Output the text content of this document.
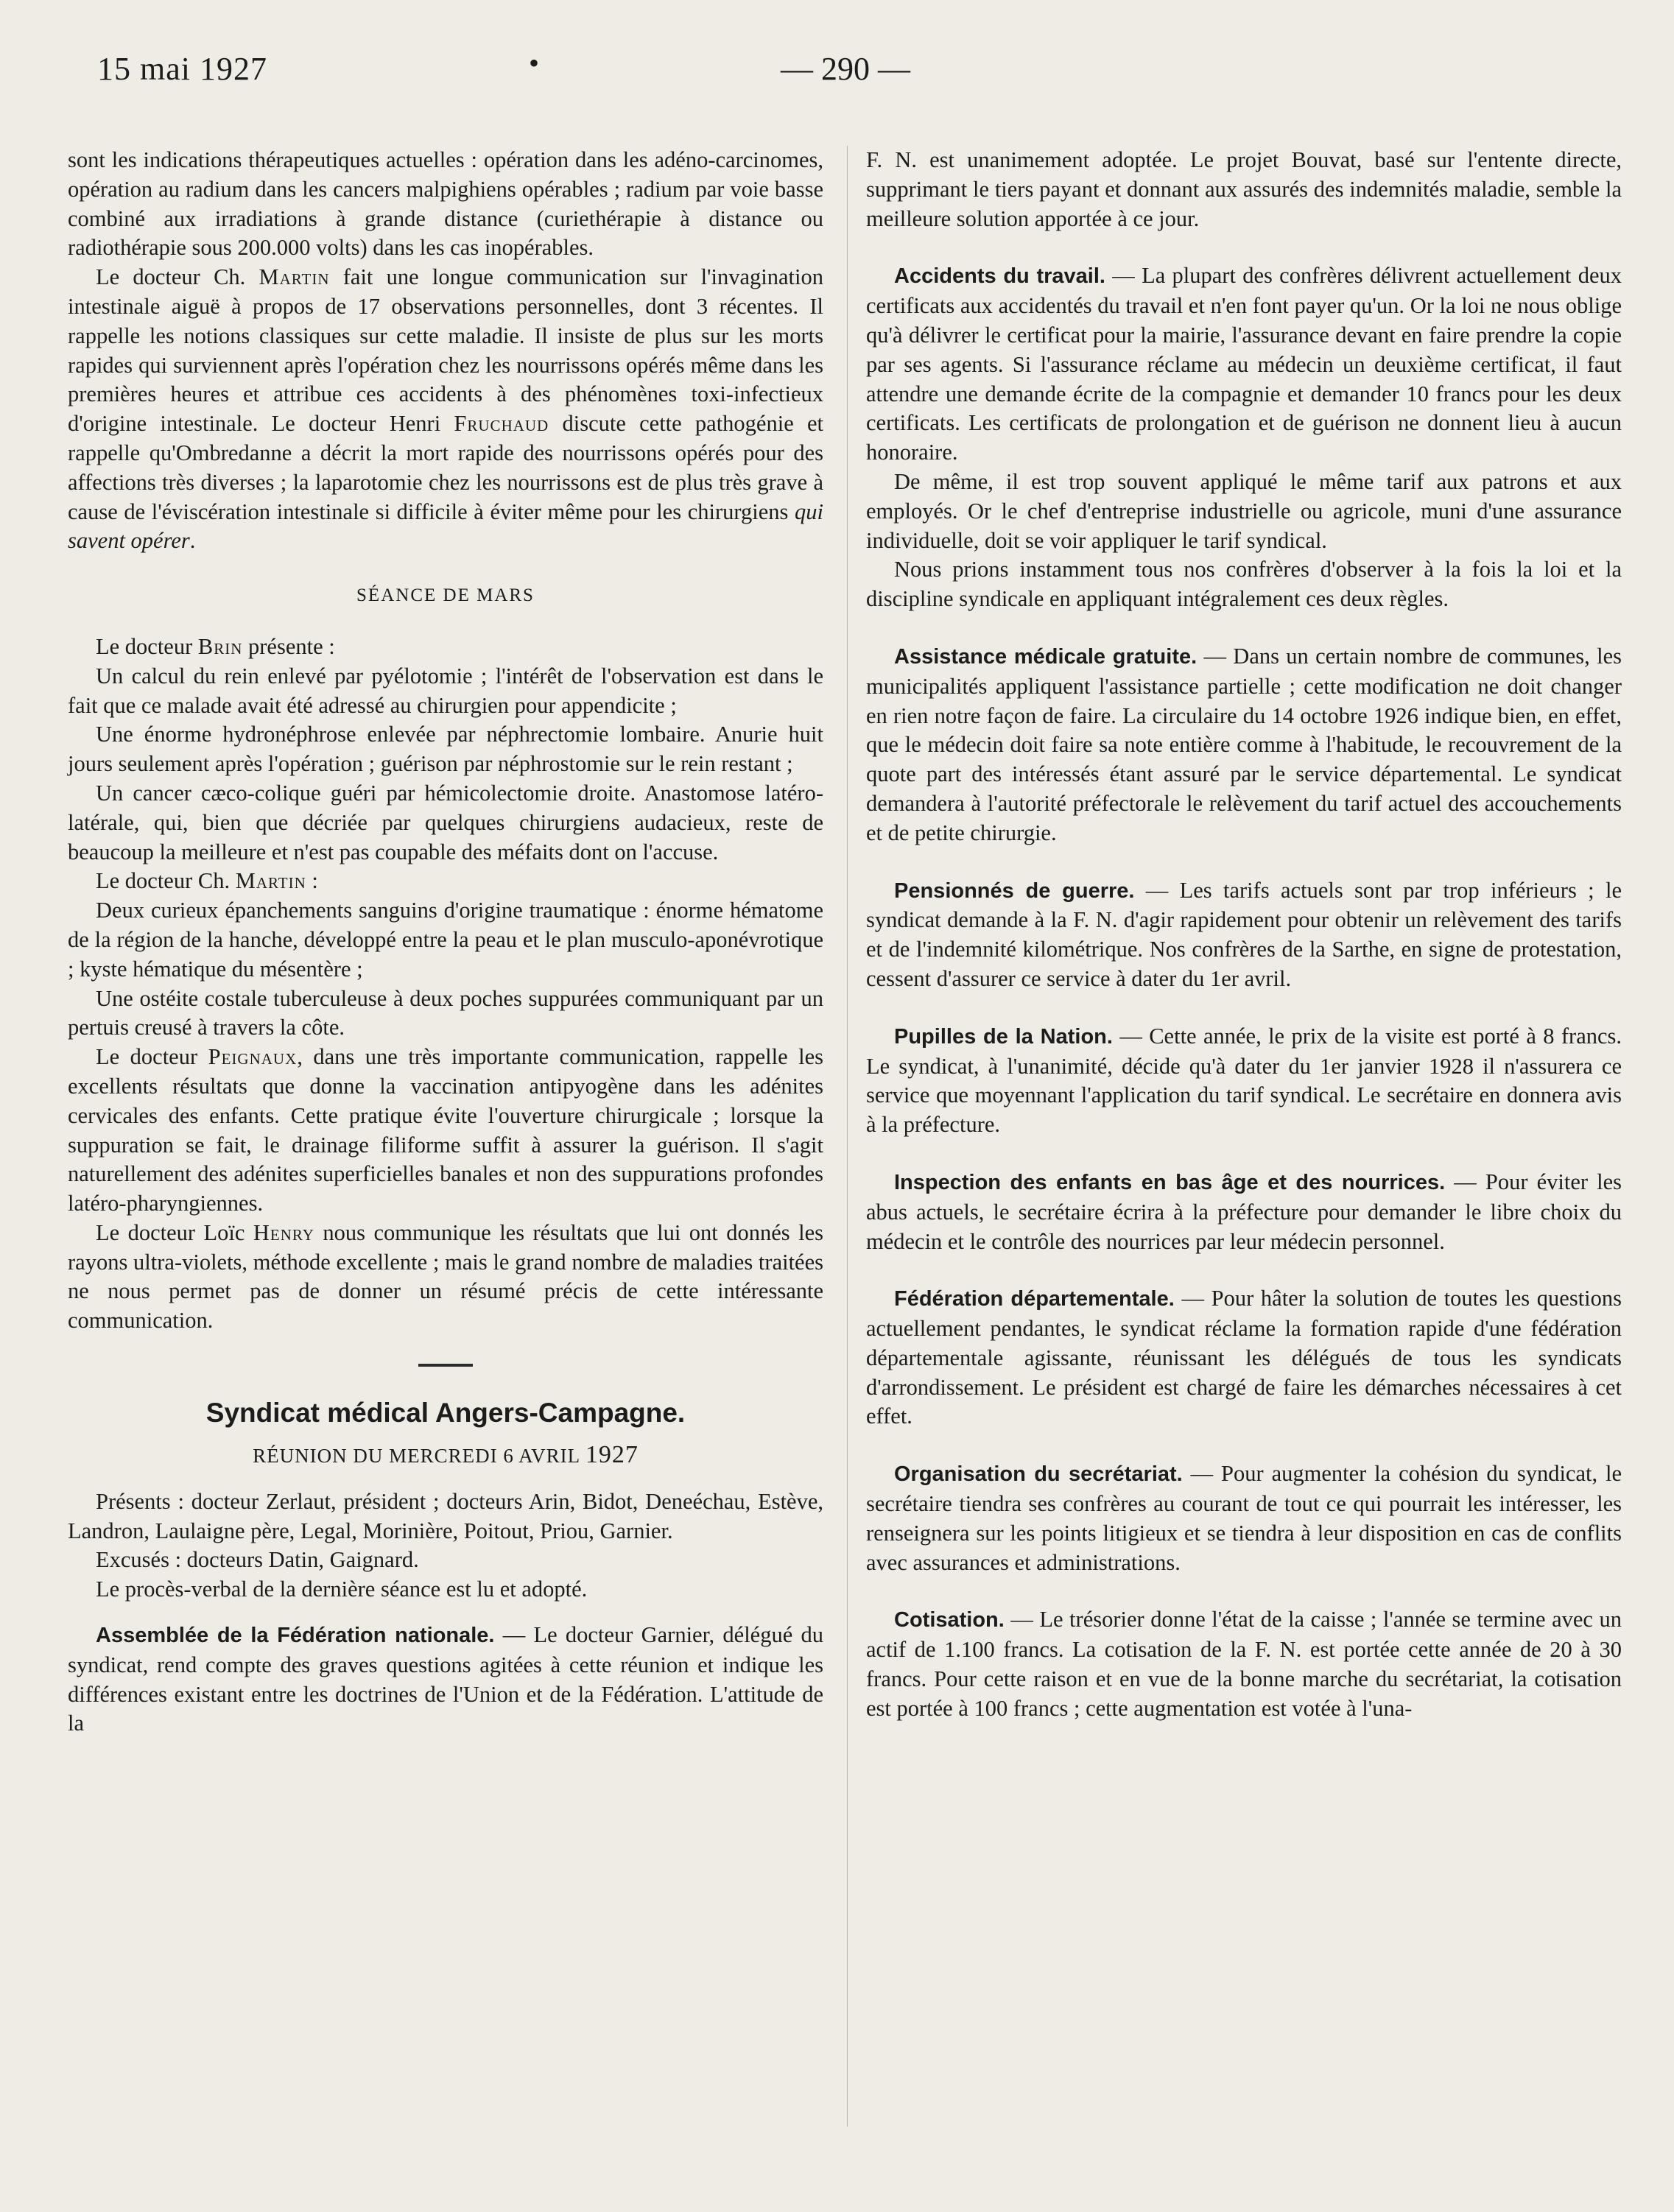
15 mai 1927	•	— 290 —

sont les indications thérapeutiques actuelles : opération dans les adéno-carcinomes, opération au radium dans les cancers malpighiens opérables ; radium par voie basse combiné aux irradiations à grande distance (curiethérapie à distance ou radiothérapie sous 200.000 volts) dans les cas inopérables.

Le docteur Ch. Martin fait une longue communication sur l'invagination intestinale aiguë à propos de 17 observations personnelles, dont 3 récentes. Il rappelle les notions classiques sur cette maladie. Il insiste de plus sur les morts rapides qui surviennent après l'opération chez les nourrissons opérés même dans les premières heures et attribue ces accidents à des phénomènes toxi-infectieux d'origine intestinale. Le docteur Henri Fruchaud discute cette pathogénie et rappelle qu'Ombredanne a décrit la mort rapide des nourrissons opérés pour des affections très diverses ; la laparotomie chez les nourrissons est de plus très grave à cause de l'éviscération intestinale si difficile à éviter même pour les chirurgiens qui savent opérer.

SÉANCE DE MARS

Le docteur Brin présente :

Un calcul du rein enlevé par pyélotomie ; l'intérêt de l'observation est dans le fait que ce malade avait été adressé au chirurgien pour appendicite ;

Une énorme hydronéphrose enlevée par néphrectomie lombaire. Anurie huit jours seulement après l'opération ; guérison par néphrostomie sur le rein restant ;

Un cancer cæco-colique guéri par hémicolectomie droite. Anastomose latéro-latérale, qui, bien que décriée par quelques chirurgiens audacieux, reste de beaucoup la meilleure et n'est pas coupable des méfaits dont on l'accuse.

Le docteur Ch. Martin :

Deux curieux épanchements sanguins d'origine traumatique : énorme hématome de la région de la hanche, développé entre la peau et le plan musculo-aponévrotique ; kyste hématique du mésentère ;

Une ostéite costale tuberculeuse à deux poches suppurées communiquant par un pertuis creusé à travers la côte.

Le docteur Peignaux, dans une très importante communication, rappelle les excellents résultats que donne la vaccination antipyogène dans les adénites cervicales des enfants. Cette pratique évite l'ouverture chirurgicale ; lorsque la suppuration se fait, le drainage filiforme suffit à assurer la guérison. Il s'agit naturellement des adénites superficielles banales et non des suppurations profondes latéro-pharyngiennes.

Le docteur Loïc Henry nous communique les résultats que lui ont donnés les rayons ultra-violets, méthode excellente ; mais le grand nombre de maladies traitées ne nous permet pas de donner un résumé précis de cette intéressante communication.

Syndicat médical Angers-Campagne.
RÉUNION DU MERCREDI 6 AVRIL 1927

Présents : docteur Zerlaut, président ; docteurs Arin, Bidot, Deneéchau, Estève, Landron, Laulaigne père, Legal, Morinière, Poitout, Priou, Garnier.

Excusés : docteurs Datin, Gaignard.

Le procès-verbal de la dernière séance est lu et adopté.

Assemblée de la Fédération nationale. — Le docteur Garnier, délégué du syndicat, rend compte des graves questions agitées à cette réunion et indique les différences existant entre les doctrines de l'Union et de la Fédération. L'attitude de la

F. N. est unanimement adoptée. Le projet Bouvat, basé sur l'entente directe, supprimant le tiers payant et donnant aux assurés des indemnités maladie, semble la meilleure solution apportée à ce jour.

Accidents du travail. — La plupart des confrères délivrent actuellement deux certificats aux accidentés du travail et n'en font payer qu'un. Or la loi ne nous oblige qu'à délivrer le certificat pour la mairie, l'assurance devant en faire prendre la copie par ses agents. Si l'assurance réclame au médecin un deuxième certificat, il faut attendre une demande écrite de la compagnie et demander 10 francs pour les deux certificats. Les certificats de prolongation et de guérison ne donnent lieu à aucun honoraire.

De même, il est trop souvent appliqué le même tarif aux patrons et aux employés. Or le chef d'entreprise industrielle ou agricole, muni d'une assurance individuelle, doit se voir appliquer le tarif syndical.

Nous prions instamment tous nos confrères d'observer à la fois la loi et la discipline syndicale en appliquant intégralement ces deux règles.

Assistance médicale gratuite. — Dans un certain nombre de communes, les municipalités appliquent l'assistance partielle ; cette modification ne doit changer en rien notre façon de faire. La circulaire du 14 octobre 1926 indique bien, en effet, que le médecin doit faire sa note entière comme à l'habitude, le recouvrement de la quote part des intéressés étant assuré par le service départemental. Le syndicat demandera à l'autorité préfectorale le relèvement du tarif actuel des accouchements et de petite chirurgie.

Pensionnés de guerre. — Les tarifs actuels sont par trop inférieurs ; le syndicat demande à la F. N. d'agir rapidement pour obtenir un relèvement des tarifs et de l'indemnité kilométrique. Nos confrères de la Sarthe, en signe de protestation, cessent d'assurer ce service à dater du 1er avril.

Pupilles de la Nation. — Cette année, le prix de la visite est porté à 8 francs. Le syndicat, à l'unanimité, décide qu'à dater du 1er janvier 1928 il n'assurera ce service que moyennant l'application du tarif syndical. Le secrétaire en donnera avis à la préfecture.

Inspection des enfants en bas âge et des nourrices. — Pour éviter les abus actuels, le secrétaire écrira à la préfecture pour demander le libre choix du médecin et le contrôle des nourrices par leur médecin personnel.

Fédération départementale. — Pour hâter la solution de toutes les questions actuellement pendantes, le syndicat réclame la formation rapide d'une fédération départementale agissante, réunissant les délégués de tous les syndicats d'arrondissement. Le président est chargé de faire les démarches nécessaires à cet effet.

Organisation du secrétariat. — Pour augmenter la cohésion du syndicat, le secrétaire tiendra ses confrères au courant de tout ce qui pourrait les intéresser, les renseignera sur les points litigieux et se tiendra à leur disposition en cas de conflits avec assurances et administrations.

Cotisation. — Le trésorier donne l'état de la caisse ; l'année se termine avec un actif de 1.100 francs. La cotisation de la F. N. est portée cette année de 20 à 30 francs. Pour cette raison et en vue de la bonne marche du secrétariat, la cotisation est portée à 100 francs ; cette augmentation est votée à l'una-
